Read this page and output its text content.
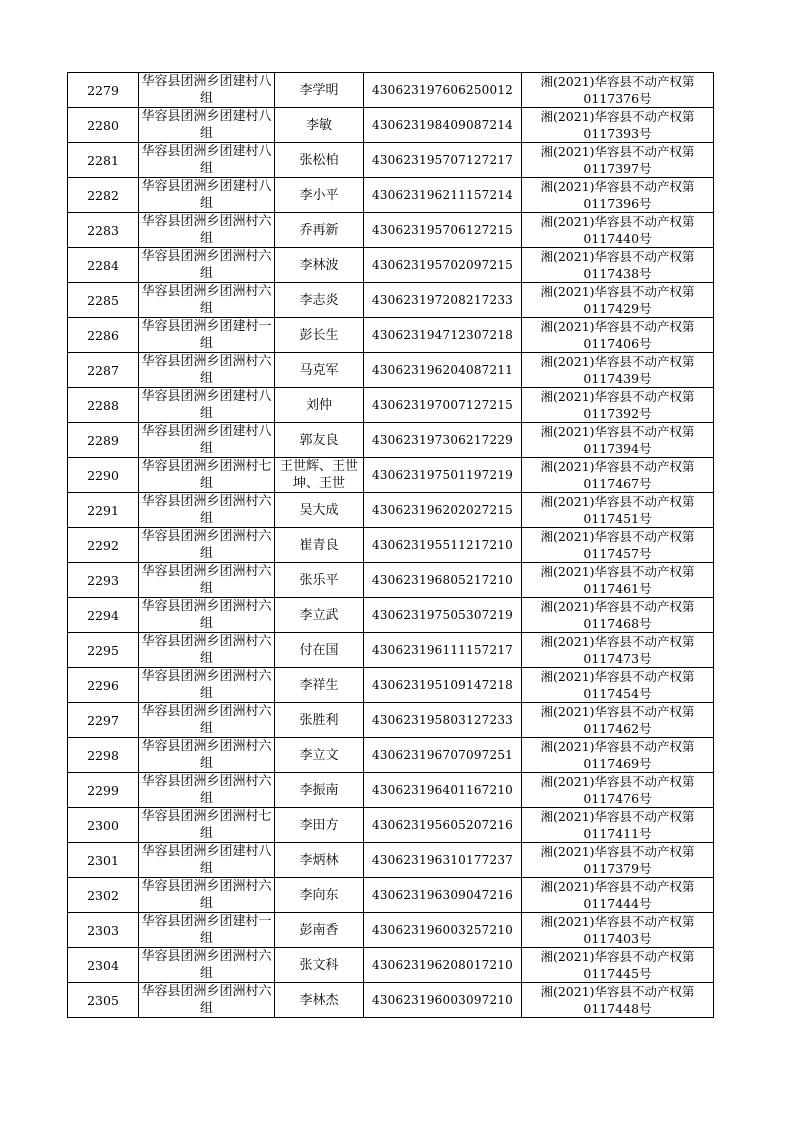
2279	华容县团洲乡团建村八组	李学明	430623197606250012	湘(2021)华容县不动产权第0117376号
2280	华容县团洲乡团建村八组	李敏	430623198409087214	湘(2021)华容县不动产权第0117393号
2281	华容县团洲乡团建村八组	张松柏	430623195707127217	湘(2021)华容县不动产权第0117397号
2282	华容县团洲乡团建村八组	李小平	430623196211157214	湘(2021)华容县不动产权第0117396号
2283	华容县团洲乡团洲村六组	乔再新	430623195706127215	湘(2021)华容县不动产权第0117440号
2284	华容县团洲乡团洲村六组	李林波	430623195702097215	湘(2021)华容县不动产权第0117438号
2285	华容县团洲乡团洲村六组	李志炎	430623197208217233	湘(2021)华容县不动产权第0117429号
2286	华容县团洲乡团建村一组	彭长生	430623194712307218	湘(2021)华容县不动产权第0117406号
2287	华容县团洲乡团洲村六组	马克军	430623196204087211	湘(2021)华容县不动产权第0117439号
2288	华容县团洲乡团建村八组	刘仲	430623197007127215	湘(2021)华容县不动产权第0117392号
2289	华容县团洲乡团建村八组	郭友良	430623197306217229	湘(2021)华容县不动产权第0117394号
2290	华容县团洲乡团洲村七组	王世辉、王世坤、王世	430623197501197219	湘(2021)华容县不动产权第0117467号
2291	华容县团洲乡团洲村六组	吴大成	430623196202027215	湘(2021)华容县不动产权第0117451号
2292	华容县团洲乡团洲村六组	崔青良	430623195511217210	湘(2021)华容县不动产权第0117457号
2293	华容县团洲乡团洲村六组	张乐平	430623196805217210	湘(2021)华容县不动产权第0117461号
2294	华容县团洲乡团洲村六组	李立武	430623197505307219	湘(2021)华容县不动产权第0117468号
2295	华容县团洲乡团洲村六组	付在国	430623196111157217	湘(2021)华容县不动产权第0117473号
2296	华容县团洲乡团洲村六组	李祥生	430623195109147218	湘(2021)华容县不动产权第0117454号
2297	华容县团洲乡团洲村六组	张胜利	430623195803127233	湘(2021)华容县不动产权第0117462号
2298	华容县团洲乡团洲村六组	李立文	430623196707097251	湘(2021)华容县不动产权第0117469号
2299	华容县团洲乡团洲村六组	李振南	430623196401167210	湘(2021)华容县不动产权第0117476号
2300	华容县团洲乡团洲村七组	李田方	430623195605207216	湘(2021)华容县不动产权第0117411号
2301	华容县团洲乡团建村八组	李炳林	430623196310177237	湘(2021)华容县不动产权第0117379号
2302	华容县团洲乡团洲村六组	李向东	430623196309047216	湘(2021)华容县不动产权第0117444号
2303	华容县团洲乡团建村一组	彭南香	430623196003257210	湘(2021)华容县不动产权第0117403号
2304	华容县团洲乡团洲村六组	张文科	430623196208017210	湘(2021)华容县不动产权第0117445号
2305	华容县团洲乡团洲村六组	李林杰	430623196003097210	湘(2021)华容县不动产权第0117448号
